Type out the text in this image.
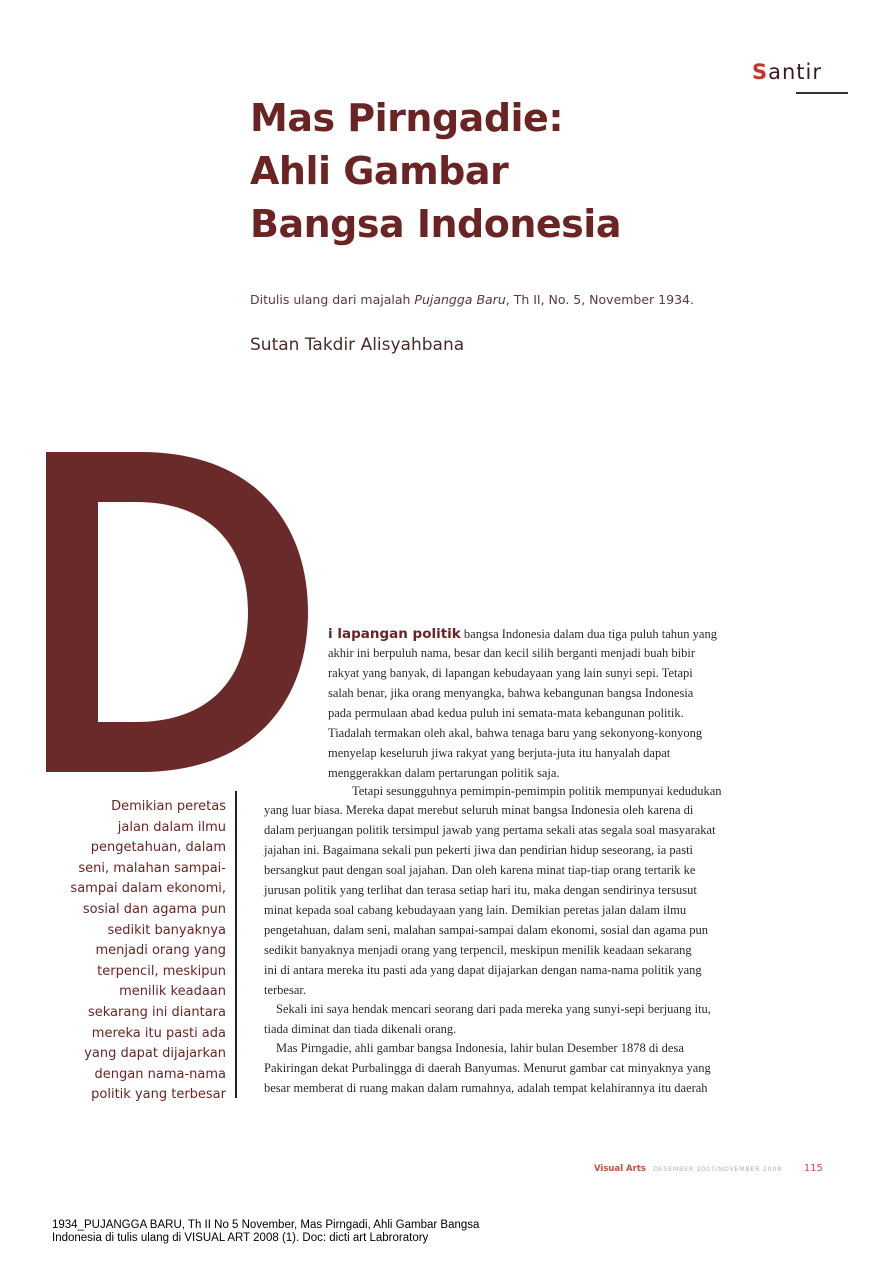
Santir
Mas Pirngadie:
Ahli Gambar
Bangsa Indonesia
Ditulis ulang dari majalah Pujangga Baru, Th II, No. 5, November 1934.
Sutan Takdir Alisyahbana
i lapangan politik bangsa Indonesia dalam dua tiga puluh tahun yang
akhir ini berpuluh nama, besar dan kecil silih berganti menjadi buah bibir
rakyat yang banyak, di lapangan kebudayaan yang lain sunyi sepi. Tetapi
salah benar, jika orang menyangka, bahwa kebangunan bangsa Indonesia
pada permulaan abad kedua puluh ini semata-mata kebangunan politik.
Tiadalah termakan oleh akal, bahwa tenaga baru yang sekonyong-konyong
menyelap keseluruh jiwa rakyat yang berjuta-juta itu hanyalah dapat
menggerakkan dalam pertarungan politik saja.
Tetapi sesungguhnya pemimpin-pemimpin politik mempunyai kedudukan
yang luar biasa. Mereka dapat merebut seluruh minat bangsa Indonesia oleh karena di
dalam perjuangan politik tersimpul jawab yang pertama sekali atas segala soal masyarakat
jajahan ini. Bagaimana sekali pun pekerti jiwa dan pendirian hidup seseorang, ia pasti
bersangkut paut dengan soal jajahan. Dan oleh karena minat tiap-tiap orang tertarik ke
jurusan politik yang terlihat dan terasa setiap hari itu, maka dengan sendirinya tersusut
minat kepada soal cabang kebudayaan yang lain. Demikian peretas jalan dalam ilmu
pengetahuan, dalam seni, malahan sampai-sampai dalam ekonomi, sosial dan agama pun
sedikit banyaknya menjadi orang yang terpencil, meskipun menilik keadaan sekarang
ini di antara mereka itu pasti ada yang dapat dijajarkan dengan nama-nama politik yang
terbesar.
Sekali ini saya hendak mencari seorang dari pada mereka yang sunyi-sepi berjuang itu,
tiada diminat dan tiada dikenali orang.
Mas Pirngadie, ahli gambar bangsa Indonesia, lahir bulan Desember 1878 di desa
Pakiringan dekat Purbalingga di daerah Banyumas. Menurut gambar cat minyaknya yang
besar memberat di ruang makan dalam rumahnya, adalah tempat kelahirannya itu daerah
Demikian peretas
jalan dalam ilmu
pengetahuan, dalam
seni, malahan sampai-
sampai dalam ekonomi,
sosial dan agama pun
sedikit banyaknya
menjadi orang yang
terpencil, meskipun
menilik keadaan
sekarang ini diantara
mereka itu pasti ada
yang dapat dijajarkan
dengan nama-nama
politik yang terbesar
Visual Arts DESEMBER 2007/NOVEMBER 2008 115
1934_PUJANGGA BARU, Th II No 5 November, Mas Pirngadi, Ahli Gambar Bangsa
Indonesia di tulis ulang di VISUAL ART 2008 (1). Doc: dicti art Labroratory
